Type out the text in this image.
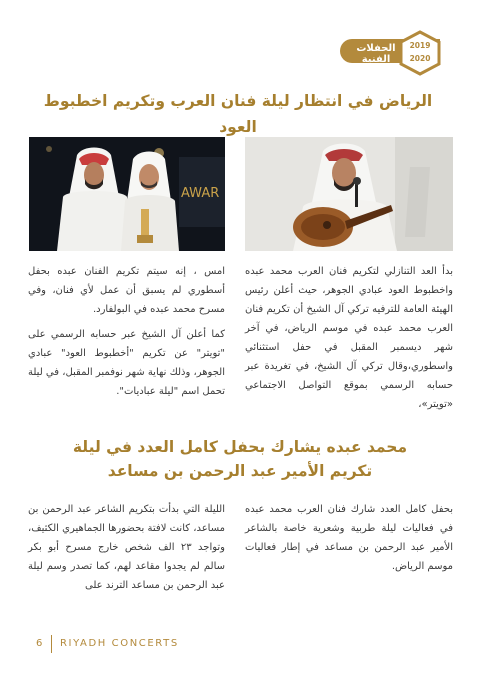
الحفلات الفنية
2019
2020
الرياض في انتظار ليلة فنان العرب وتكريم اخطبوط العود
AWAR

بدأ العد التنازلي لتكريم فنان العرب محمد عبده واخطبوط العود عبادي الجوهر، حيث أعلن رئيس الهيئة العامة للترفيه تركي آل الشيخ أن تكريم فنان العرب محمد عبده في موسم الرياض، في آخر شهر ديسمبر المقبل في حفل استثنائي واسطوري،وقال تركي آل الشيخ، في تغريدة عبر حسابه الرسمي بموقع التواصل الاجتماعي «تويتر»،

امس ، إنه سيتم تكريم الفنان عبده بحفل أسطوري لم يسبق أن عمل لأي فنان، وفي مسرح محمد عبده في البولفارد.

كما أعلن آل الشيخ عبر حسابه الرسمي على "تويتر" عن تكريم "أخطبوط العود" عبادي الجوهر، وذلك نهاية شهر نوفمبر المقبل، في ليلة تحمل اسم "ليلة عباديات".

محمد عبده يشارك بحفل كامل العدد في ليلة
تكريم الأمير عبد الرحمن بن مساعد

بحفل كامل العدد شارك فنان العرب محمد عبده في فعاليات ليلة طربية وشعرية خاصة بالشاعر الأمير عبد الرحمن بن مساعد في إطار فعاليات موسم الرياض.

الليلة التي بدأت بتكريم الشاعر عبد الرحمن بن مساعد، كانت لافتة بحضورها الجماهيري الكثيف، وتواجد ٢٣ الف شخص خارج مسرح أبو بكر سالم لم يجدوا مقاعد لهم، كما تصدر وسم ليلة عبد الرحمن بن مساعد الترند على

6 RIYADH CONCERTS
